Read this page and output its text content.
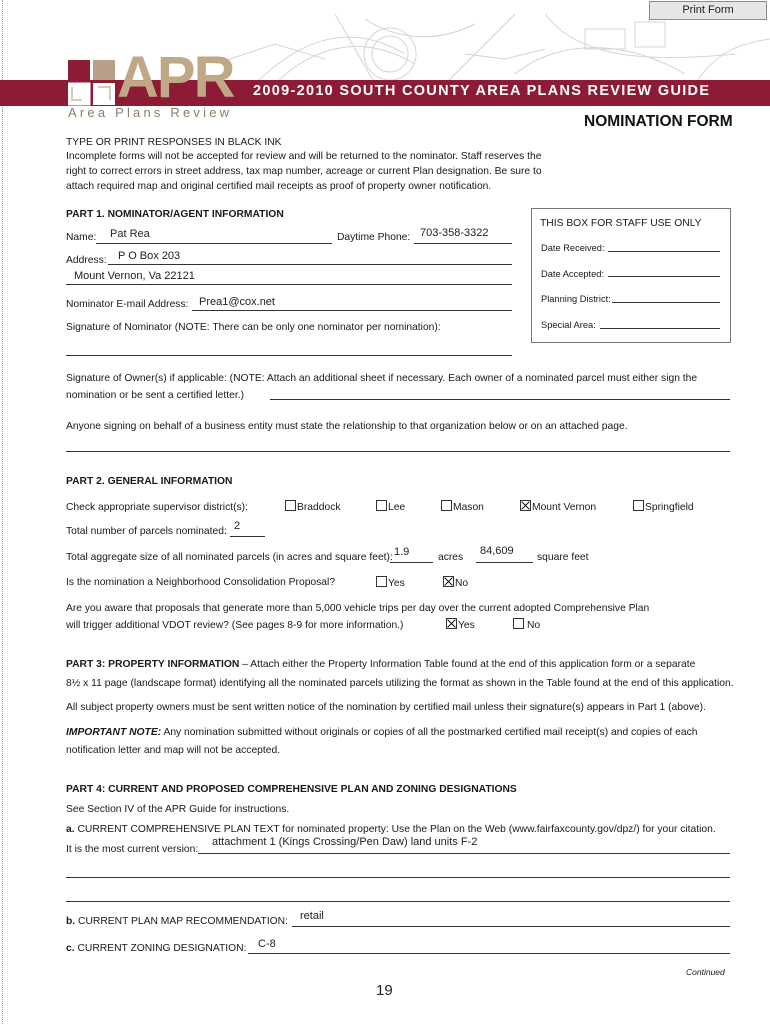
Print Form
APR
Area Plans Review
2009-2010 SOUTH COUNTY AREA PLANS REVIEW GUIDE
NOMINATION FORM
TYPE OR PRINT RESPONSES IN BLACK INK
Incomplete forms will not be accepted for review and will be returned to the nominator. Staff reserves the
right to correct errors in street address, tax map number, acreage or current Plan designation. Be sure to
attach required map and original certified mail receipts as proof of property owner notification.
PART 1. NOMINATOR/AGENT INFORMATION
Name: Pat Rea	Daytime Phone: 703-358-3322
Address: P O Box 203
Mount Vernon, Va 22121
Nominator E-mail Address: Prea1@cox.net
Signature of Nominator (NOTE: There can be only one nominator per nomination):
THIS BOX FOR STAFF USE ONLY
Date Received:
Date Accepted:
Planning District:
Special Area:
Signature of Owner(s) if applicable: (NOTE: Attach an additional sheet if necessary. Each owner of a nominated parcel must either sign the
nomination or be sent a certified letter.)
Anyone signing on behalf of a business entity must state the relationship to that organization below or on an attached page.
PART 2. GENERAL INFORMATION
Check appropriate supervisor district(s):	Braddock	Lee	Mason	Mount Vernon	Springfield
Total number of parcels nominated: 2
Total aggregate size of all nominated parcels (in acres and square feet): 1.9	acres
84,609
square feet
Is the nomination a Neighborhood Consolidation Proposal?	Yes	No
Are you aware that proposals that generate more than 5,000 vehicle trips per day over the current adopted Comprehensive Plan
will trigger additional VDOT review? (See pages 8-9 for more information.)	Yes	No
PART 3: PROPERTY INFORMATION – Attach either the Property Information Table found at the end of this application form or a separate
8½ x 11 page (landscape format) identifying all the nominated parcels utilizing the format as shown in the Table found at the end of this application.
All subject property owners must be sent written notice of the nomination by certified mail unless their signature(s) appears in Part 1 (above).
IMPORTANT NOTE: Any nomination submitted without originals or copies of all the postmarked certified mail receipt(s) and copies of each
notification letter and map will not be accepted.
PART 4: CURRENT AND PROPOSED COMPREHENSIVE PLAN AND ZONING DESIGNATIONS
See Section IV of the APR Guide for instructions.
a. CURRENT COMPREHENSIVE PLAN TEXT for nominated property: Use the Plan on the Web (www.fairfaxcounty.gov/dpz/) for your citation.
It is the most current version:
attachment 1 (Kings Crossing/Pen Daw) land units F-2
b. CURRENT PLAN MAP RECOMMENDATION: retail
c. CURRENT ZONING DESIGNATION: C-8
Continued
19
